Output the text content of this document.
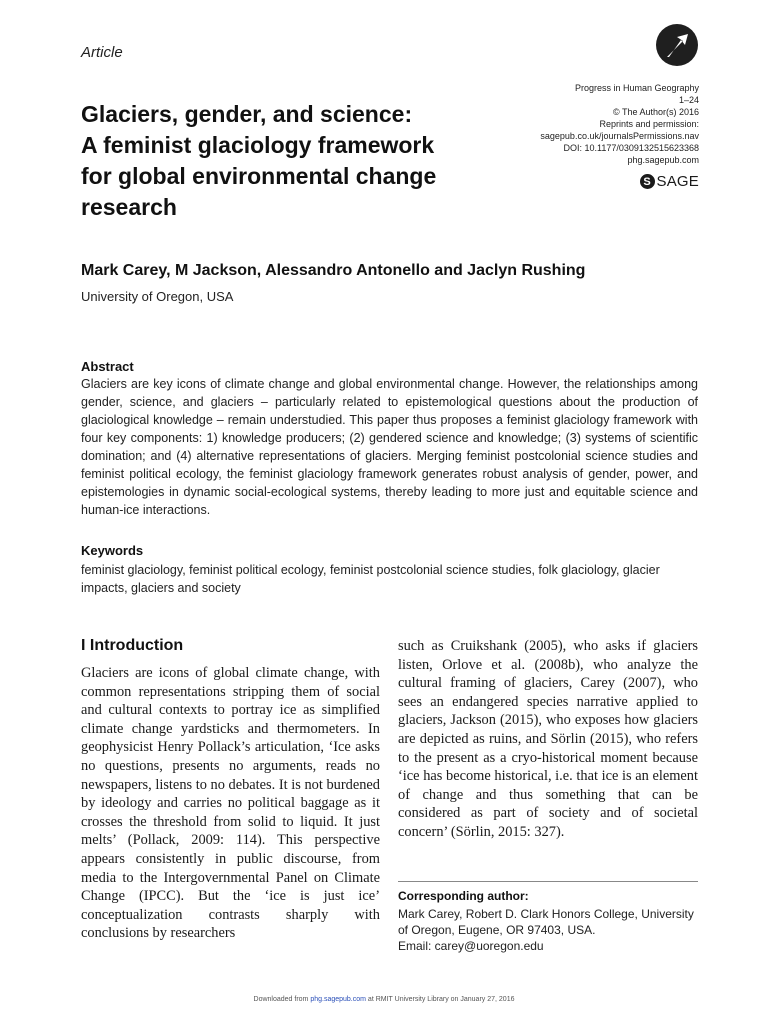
Article
Progress in Human Geography
1–24
© The Author(s) 2016
Reprints and permission:
sagepub.co.uk/journalsPermissions.nav
DOI: 10.1177/0309132515623368
phg.sagepub.com
S SAGE
Glaciers, gender, and science:
A feminist glaciology framework
for global environmental change
research
Mark Carey, M Jackson, Alessandro Antonello and Jaclyn Rushing
University of Oregon, USA
Abstract

Glaciers are key icons of climate change and global environmental change. However, the relationships among gender, science, and glaciers – particularly related to epistemological questions about the production of glaciological knowledge – remain understudied. This paper thus proposes a feminist glaciology framework with four key components: 1) knowledge producers; (2) gendered science and knowledge; (3) systems of scientific domination; and (4) alternative representations of glaciers. Merging feminist postcolonial science studies and feminist political ecology, the feminist glaciology framework generates robust analysis of gender, power, and epistemologies in dynamic social-ecological systems, thereby leading to more just and equitable science and human-ice interactions.

Keywords

feminist glaciology, feminist political ecology, feminist postcolonial science studies, folk glaciology, glacier impacts, glaciers and society

I Introduction

Glaciers are icons of global climate change, with common representations stripping them of social and cultural contexts to portray ice as simplified climate change yardsticks and thermometers. In geophysicist Henry Pollack’s articulation, ‘Ice asks no questions, presents no arguments, reads no newspapers, listens to no debates. It is not burdened by ideology and carries no political baggage as it crosses the threshold from solid to liquid. It just melts’ (Pollack, 2009: 114). This perspective appears consistently in public discourse, from media to the Intergovernmental Panel on Climate Change (IPCC). But the ‘ice is just ice’ conceptualization contrasts sharply with conclusions by researchers

such as Cruikshank (2005), who asks if glaciers listen, Orlove et al. (2008b), who analyze the cultural framing of glaciers, Carey (2007), who sees an endangered species narrative applied to glaciers, Jackson (2015), who exposes how glaciers are depicted as ruins, and Sörlin (2015), who refers to the present as a cryo-historical moment because ‘ice has become historical, i.e. that ice is an element of change and thus something that can be considered as part of society and of societal concern’ (Sörlin, 2015: 327).

Corresponding author:

Mark Carey, Robert D. Clark Honors College, University of Oregon, Eugene, OR 97403, USA.
Email: carey@uoregon.edu

Downloaded from phg.sagepub.com at RMIT University Library on January 27, 2016
